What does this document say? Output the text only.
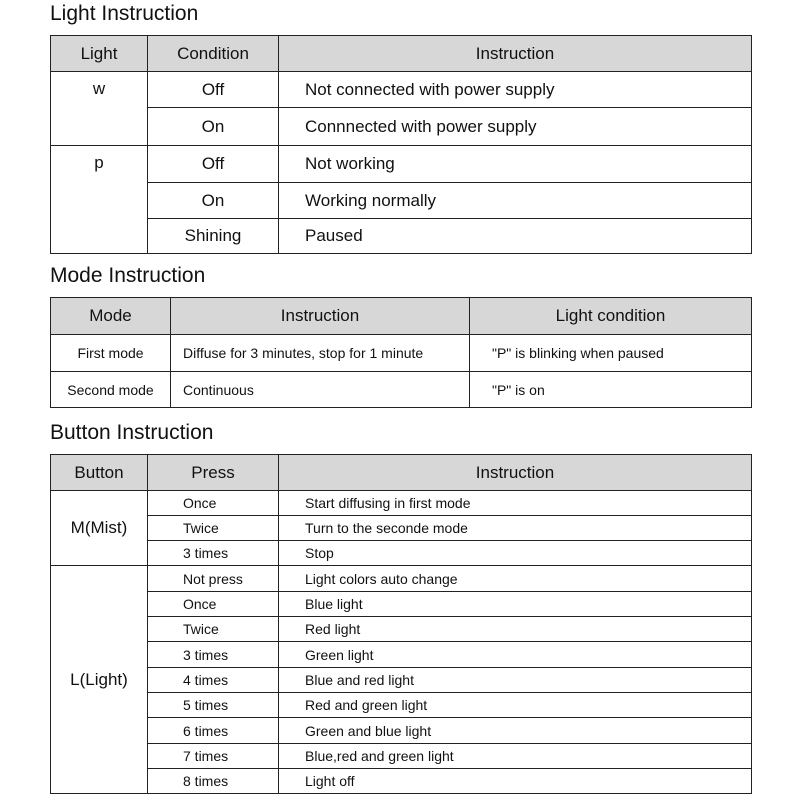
Light Instruction
Light	Condition	Instruction

w	Off	Not connected with power supply
	On	Connnected with power supply

p	Off	Not working
	On	Working normally
	Shining	Paused
Mode Instruction
Mode	Instruction	Light condition
First mode	Diffuse for 3 minutes, stop for 1 minute	"P" is blinking when paused
Second mode	Continuous	"P" is on
Button Instruction
Button	Press	Instruction
M(Mist)	Once	Start diffusing in first mode
	Twice	Turn to the seconde mode
	3 times	Stop
L(Light)	Not press	Light colors auto change
	Once	Blue light
	Twice	Red light
	3 times	Green light
	4 times	Blue and red light
	5 times	Red and green light
	6 times	Green and blue light
	7 times	Blue,red and green light
	8 times	Light off
